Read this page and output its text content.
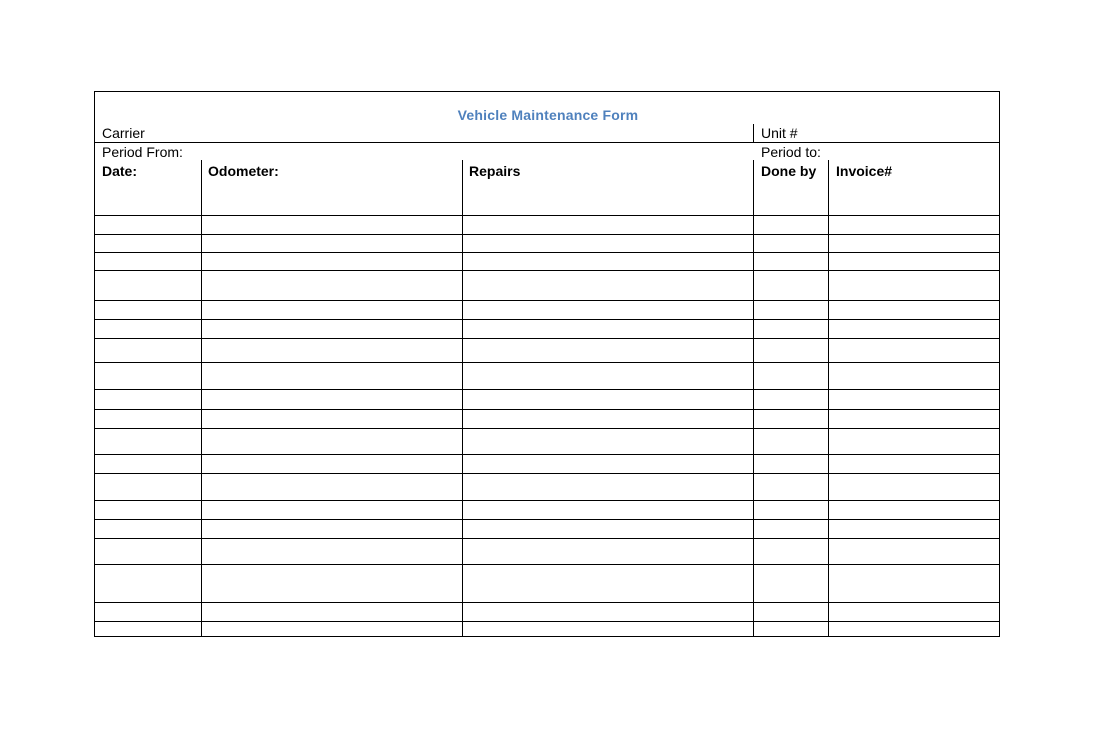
Vehicle Maintenance Form
Carrier	Unit #
Period From:	Period to:
Date:	Odometer:	Repairs	Done by	Invoice#
